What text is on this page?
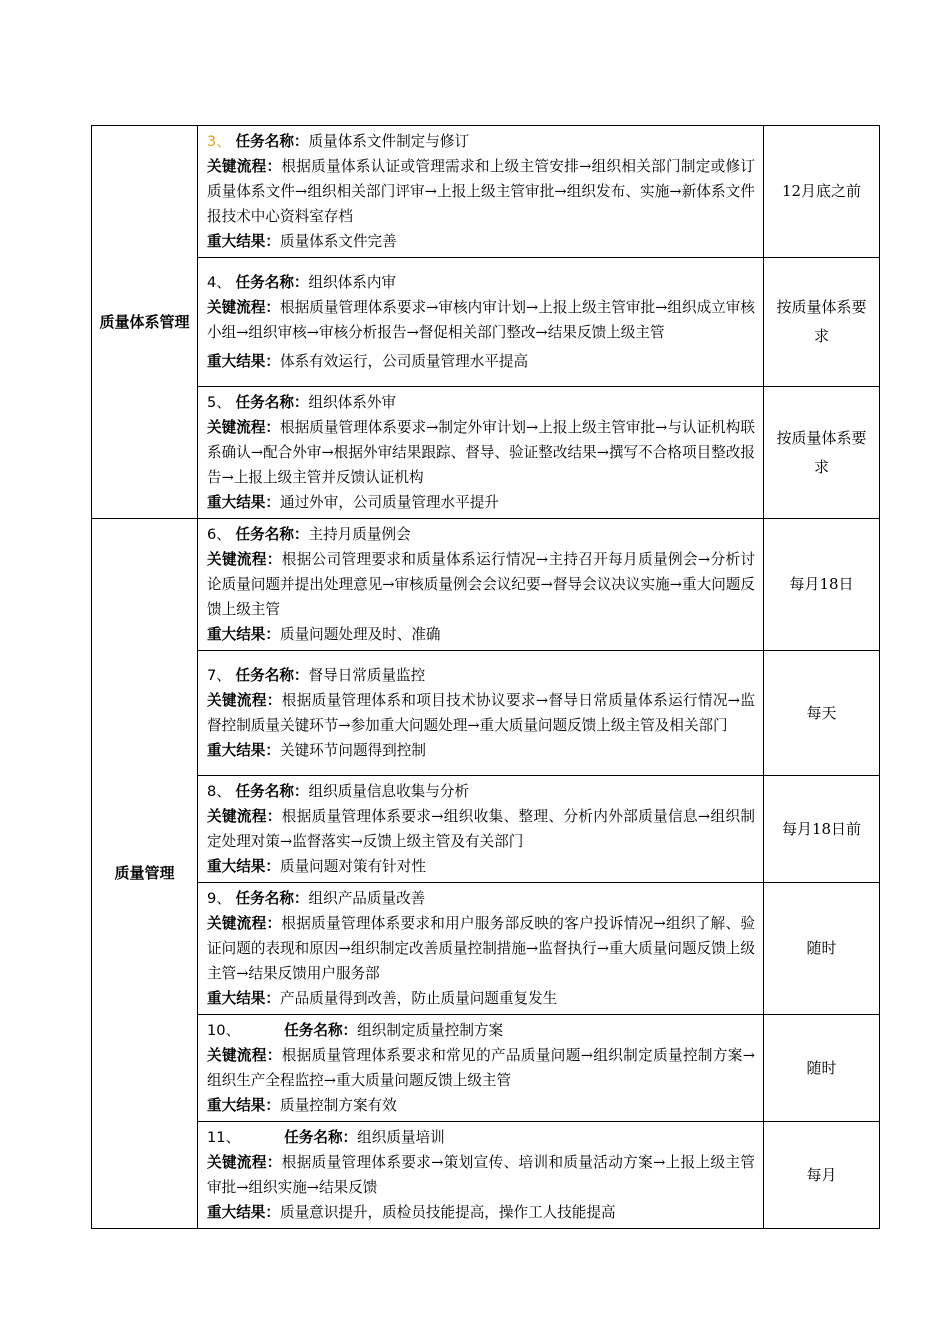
质量体系管理	3、 任务名称：质量体系文件制定与修订
关键流程：根据质量体系认证或管理需求和上级主管安排→组织相关部门制定或修订质量体系文件→组织相关部门评审→上报上级主管审批→组织发布、实施→新体系文件报技术中心资料室存档
重大结果：质量体系文件完善	12月底之前

	4、 任务名称：组织体系内审
关键流程：根据质量管理体系要求→审核内审计划→上报上级主管审批→组织成立审核小组→组织审核→审核分析报告→督促相关部门整改→结果反馈上级主管
重大结果：体系有效运行，公司质量管理水平提高	按质量体系要求

	5、 任务名称：组织体系外审
关键流程：根据质量管理体系要求→制定外审计划→上报上级主管审批→与认证机构联系确认→配合外审→根据外审结果跟踪、督导、验证整改结果→撰写不合格项目整改报告→上报上级主管并反馈认证机构
重大结果：通过外审，公司质量管理水平提升	按质量体系要求
质量管理	6、 任务名称：主持月质量例会
关键流程：根据公司管理要求和质量体系运行情况→主持召开每月质量例会→分析讨论质量问题并提出处理意见→审核质量例会会议纪要→督导会议决议实施→重大问题反馈上级主管
重大结果：质量问题处理及时、准确	每月18日

	7、 任务名称：督导日常质量监控
关键流程：根据质量管理体系和项目技术协议要求→督导日常质量体系运行情况→监督控制质量关键环节→参加重大问题处理→重大质量问题反馈上级主管及相关部门
重大结果：关键环节问题得到控制	每天

	8、 任务名称：组织质量信息收集与分析
关键流程：根据质量管理体系要求→组织收集、整理、分析内外部质量信息→组织制定处理对策→监督落实→反馈上级主管及有关部门
重大结果：质量问题对策有针对性	每月18日前

	9、 任务名称：组织产品质量改善
关键流程：根据质量管理体系要求和用户服务部反映的客户投诉情况→组织了解、验证问题的表现和原因→组织制定改善质量控制措施→监督执行→重大质量问题反馈上级主管→结果反馈用户服务部
重大结果：产品质量得到改善，防止质量问题重复发生	随时

	10、 任务名称：组织制定质量控制方案
关键流程：根据质量管理体系要求和常见的产品质量问题→组织制定质量控制方案→组织生产全程监控→重大质量问题反馈上级主管
重大结果：质量控制方案有效	随时

	11、 任务名称：组织质量培训
关键流程：根据质量管理体系要求→策划宣传、培训和质量活动方案→上报上级主管审批→组织实施→结果反馈
重大结果：质量意识提升，质检员技能提高，操作工人技能提高	每月
